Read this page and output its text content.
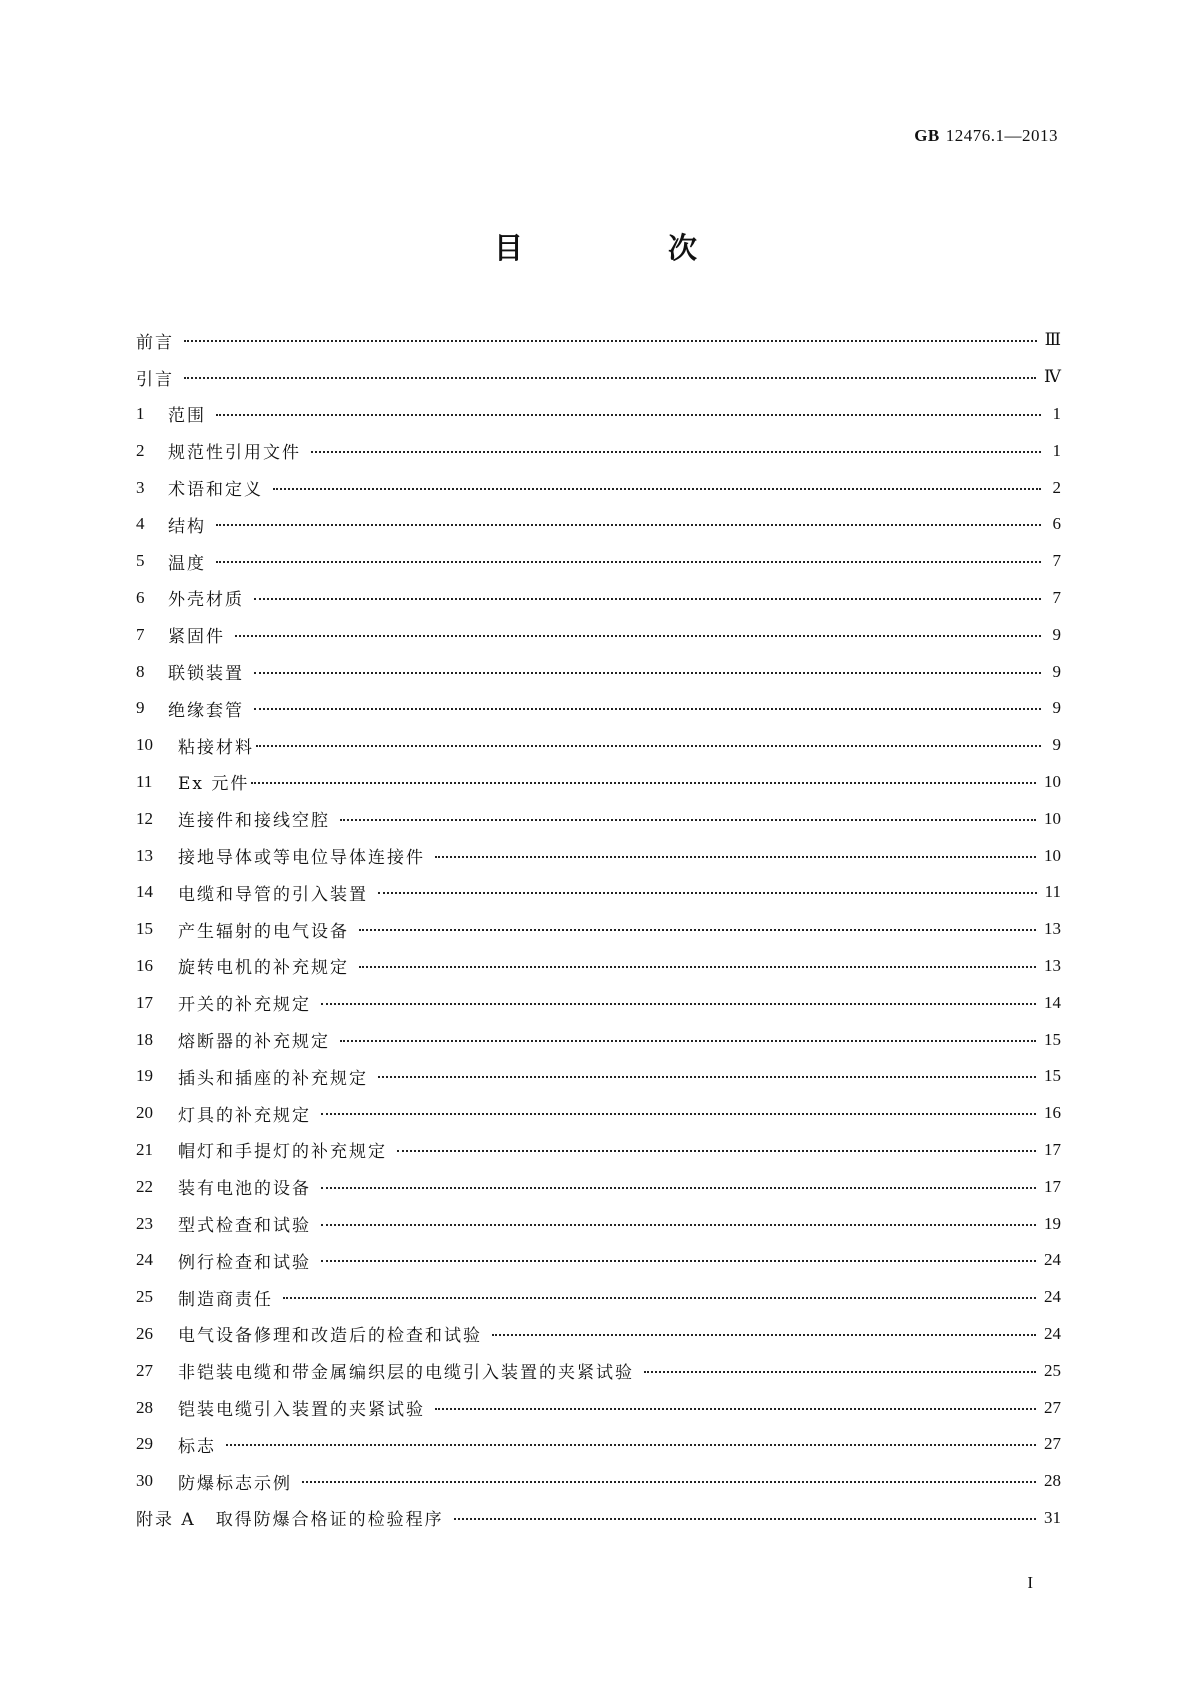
GB 12476.1—2013
目　次
前言	Ⅲ
引言	Ⅳ
1	范围	1
2	规范性引用文件	1
3	术语和定义	2
4	结构	6
5	温度	7
6	外壳材质	7
7	紧固件	9
8	联锁装置	9
9	绝缘套管	9
10 粘接材料	9
11	Ex 元件	10
12 连接件和接线空腔	10
13 接地导体或等电位导体连接件	10
14 电缆和导管的引入装置	11
15 产生辐射的电气设备	13
16 旋转电机的补充规定	13
17 开关的补充规定	14
18 熔断器的补充规定	15
19 插头和插座的补充规定	15
20 灯具的补充规定	16
21 帽灯和手提灯的补充规定	17
22 装有电池的设备	17
23 型式检查和试验	19
24 例行检查和试验	24
25 制造商责任	24
26 电气设备修理和改造后的检查和试验	24
27 非铠装电缆和带金属编织层的电缆引入装置的夹紧试验	25
28 铠装电缆引入装置的夹紧试验	27
29 标志	27
30 防爆标志示例	28
附录 A 取得防爆合格证的检验程序	31
I
